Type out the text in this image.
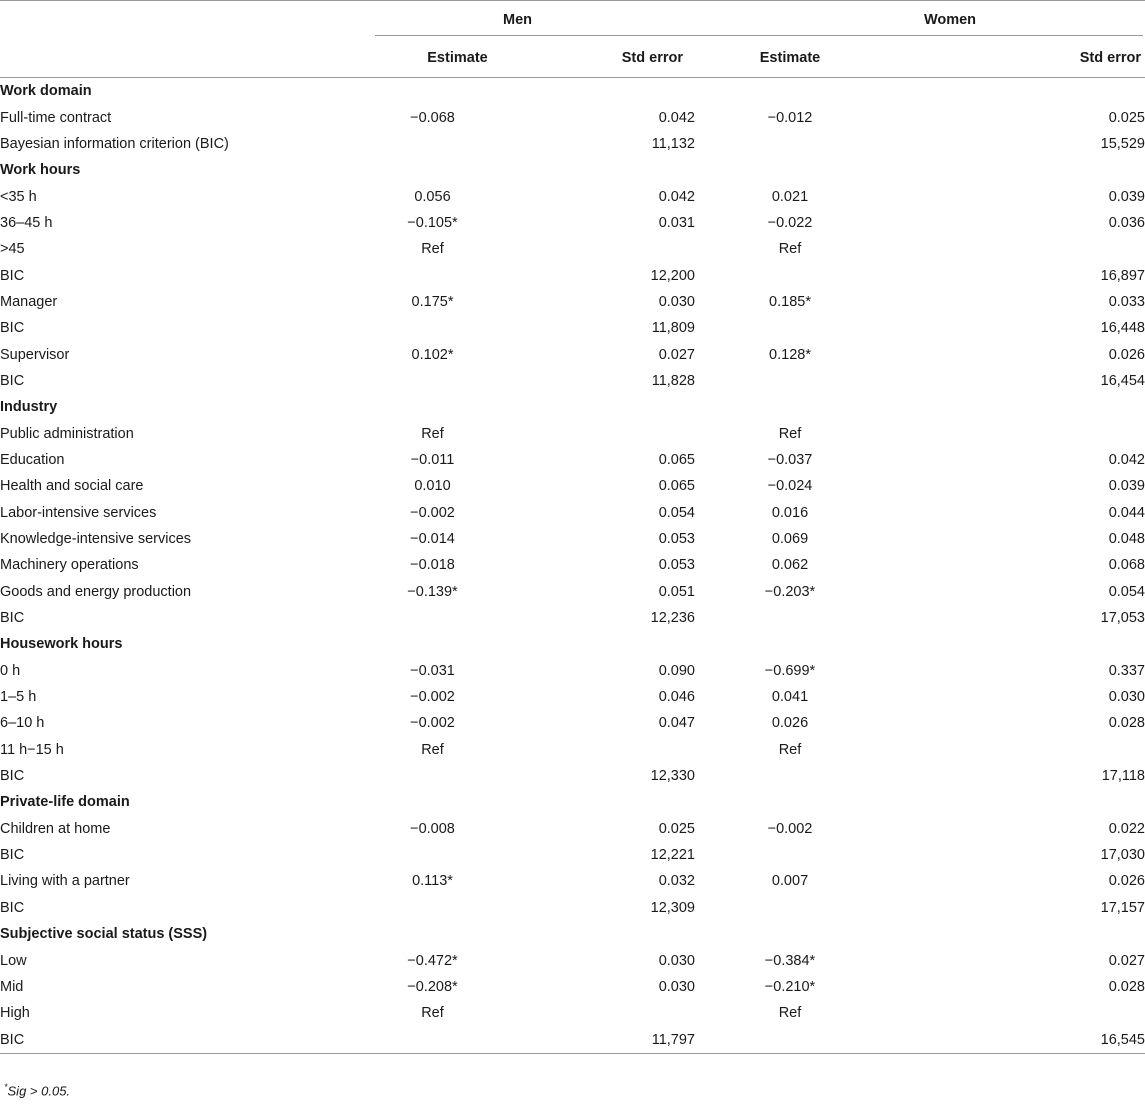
	Men		Women	

	Estimate	Std error	Estimate	Std error

Work domain				
Full-time contract	−0.068	0.042	−0.012	0.025
Bayesian information criterion (BIC)		11,132		15,529
Work hours				
<35 h	0.056	0.042	0.021	0.039
36–45 h	−0.105*	0.031	−0.022	0.036
>45	Ref		Ref	
BIC		12,200		16,897
Manager	0.175*	0.030	0.185*	0.033
BIC		11,809		16,448
Supervisor	0.102*	0.027	0.128*	0.026
BIC		11,828		16,454
Industry				
Public administration	Ref		Ref	
Education	−0.011	0.065	−0.037	0.042
Health and social care	0.010	0.065	−0.024	0.039
Labor-intensive services	−0.002	0.054	0.016	0.044
Knowledge-intensive services	−0.014	0.053	0.069	0.048
Machinery operations	−0.018	0.053	0.062	0.068
Goods and energy production	−0.139*	0.051	−0.203*	0.054
BIC		12,236		17,053
Housework hours				
0 h	−0.031	0.090	−0.699*	0.337
1–5 h	−0.002	0.046	0.041	0.030
6–10 h	−0.002	0.047	0.026	0.028
11 h−15 h	Ref		Ref	
BIC		12,330		17,118
Private-life domain				
Children at home	−0.008	0.025	−0.002	0.022
BIC		12,221		17,030
Living with a partner	0.113*	0.032	0.007	0.026
BIC		12,309		17,157
Subjective social status (SSS)				
Low	−0.472*	0.030	−0.384*	0.027
Mid	−0.208*	0.030	−0.210*	0.028
High	Ref		Ref	
BIC		11,797		16,545

*Sig > 0.05.
